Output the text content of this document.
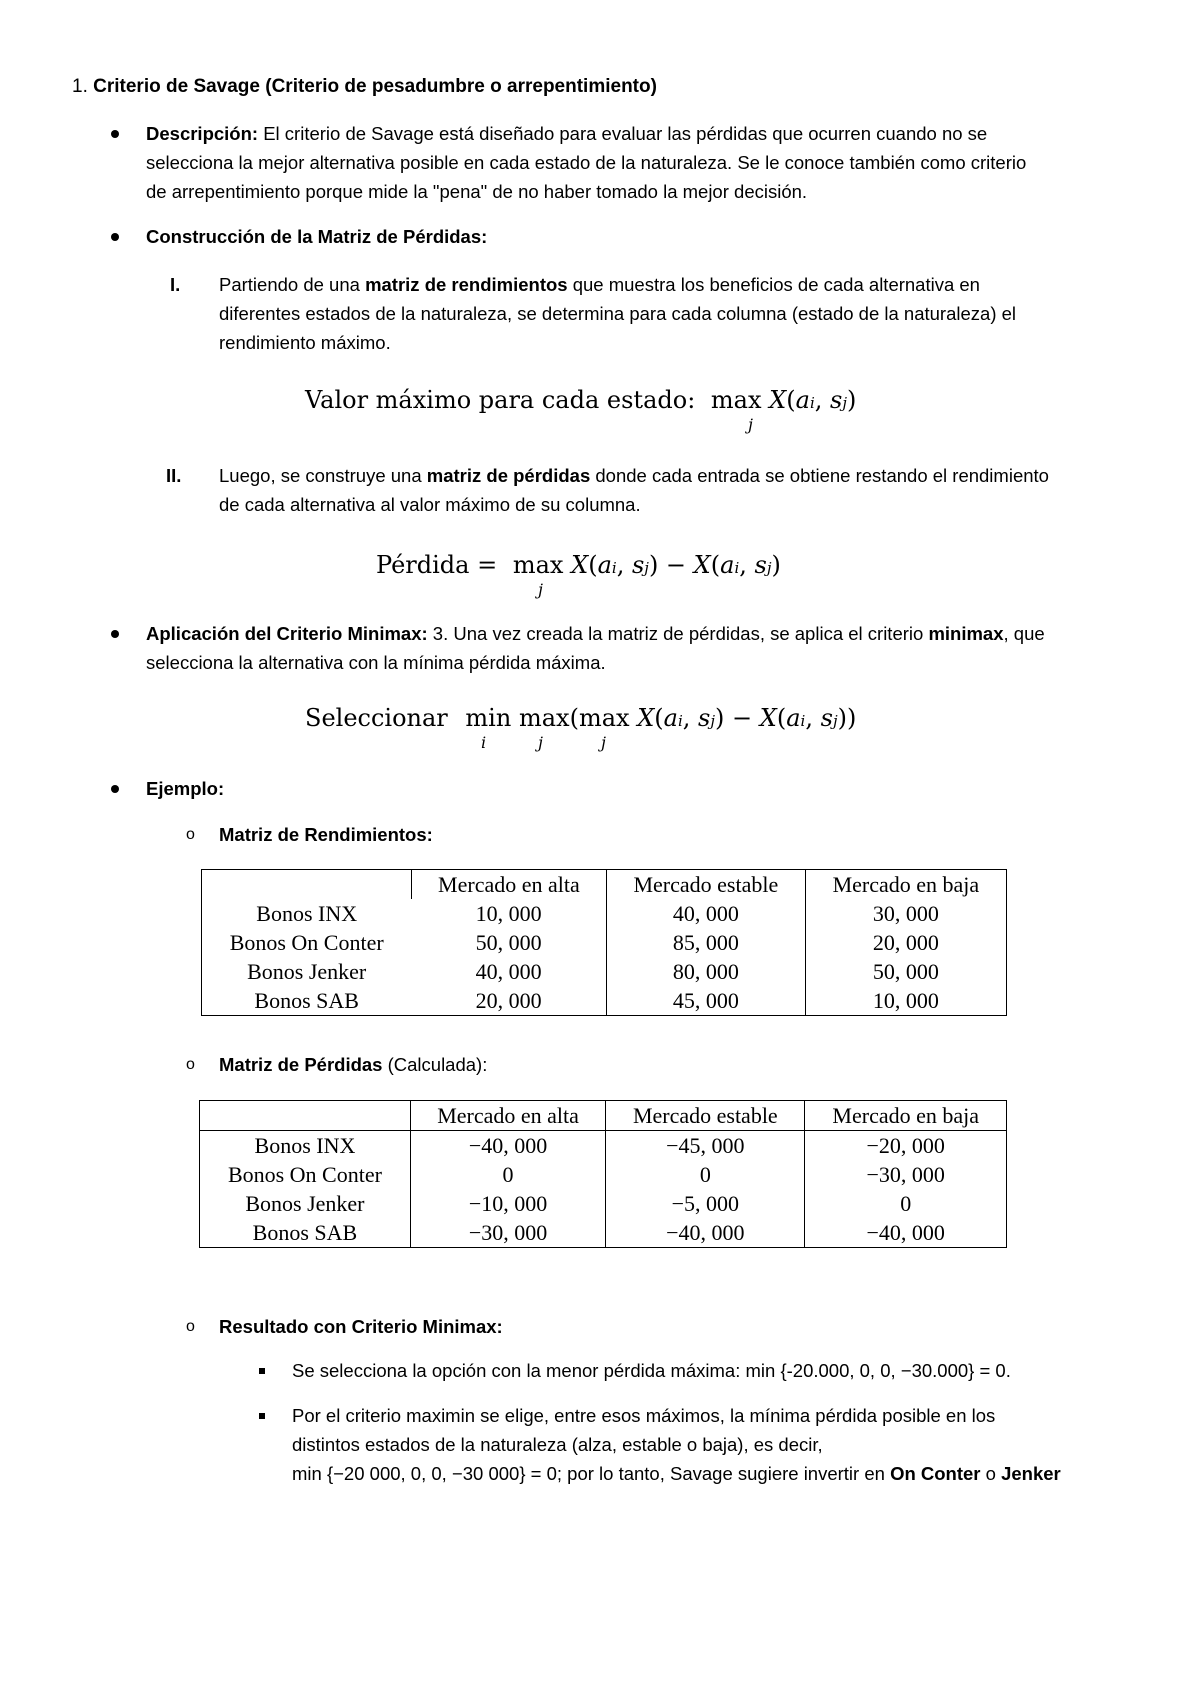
1. Criterio de Savage (Criterio de pesadumbre o arrepentimiento)
Descripción: El criterio de Savage está diseñado para evaluar las pérdidas que ocurren cuando no se
selecciona la mejor alternativa posible en cada estado de la naturaleza. Se le conoce también como criterio
de arrepentimiento porque mide la "pena" de no haber tomado la mejor decisión.
Construcción de la Matriz de Pérdidas:
I. Partiendo de una matriz de rendimientos que muestra los beneficios de cada alternativa en
diferentes estados de la naturaleza, se determina para cada columna (estado de la naturaleza) el
rendimiento máximo.
Valor máximo para cada estado: max X(ai, sj)
j
II. Luego, se construye una matriz de pérdidas donde cada entrada se obtiene restando el rendimiento
de cada alternativa al valor máximo de su columna.
Pérdida = max X(ai, sj) − X(ai, sj)
j
Aplicación del Criterio Minimax: 3. Una vez creada la matriz de pérdidas, se aplica el criterio minimax, que
selecciona la alternativa con la mínima pérdida máxima.
Seleccionar min max(max X(ai, sj) − X(ai, sj))
i	j	j
Ejemplo:
o Matriz de Rendimientos:
	Mercado en alta	Mercado estable	Mercado en baja
Bonos INX	10, 000	40, 000	30, 000
Bonos On Conter	50, 000	85, 000	20, 000
Bonos Jenker	40, 000	80, 000	50, 000
Bonos SAB	20, 000	45, 000	10, 000
o Matriz de Pérdidas (Calculada):
	Mercado en alta	Mercado estable	Mercado en baja
Bonos INX	−40, 000	−45, 000	−20, 000
Bonos On Conter	0	0	−30, 000
Bonos Jenker	−10, 000	−5, 000	0
Bonos SAB	−30, 000	−40, 000	−40, 000
o Resultado con Criterio Minimax:
Se selecciona la opción con la menor pérdida máxima: min {-20.000, 0, 0, −30.000} = 0.
Por el criterio maximin se elige, entre esos máximos, la mínima pérdida posible en los
distintos estados de la naturaleza (alza, estable o baja), es decir,
min {−20 000, 0, 0, −30 000} = 0; por lo tanto, Savage sugiere invertir en On Conter o Jenker
